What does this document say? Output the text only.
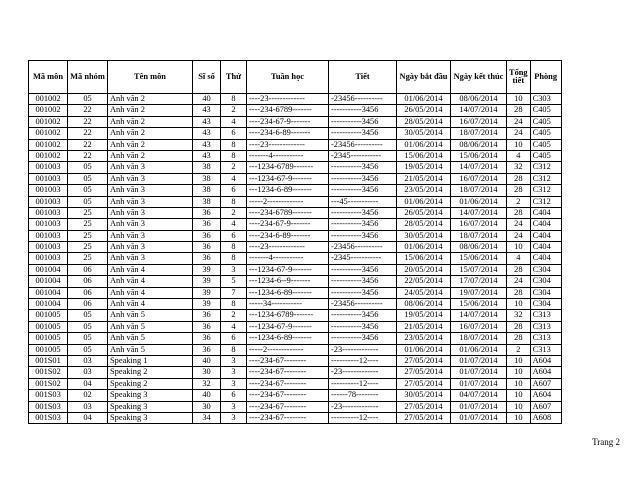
Mã môn	Mã nhóm	Tên môn	Sĩ số	Thứ	Tuần học	Tiết	Ngày bắt đầu	Ngày kết thúc	Tổng tiết	Phòng
001002	05	Anh văn 2	40	8	----23-------------	-23456----------	01/06/2014	08/06/2014	10	C303
001002	22	Anh văn 2	43	2	----234-6789-------	-----------3456	26/05/2014	14/07/2014	28	C405
001002	22	Anh văn 2	43	4	----234-67-9-------	-----------3456	28/05/2014	16/07/2014	24	C405
001002	22	Anh văn 2	43	6	----234-6-89-------	-----------3456	30/05/2014	18/07/2014	24	C405
001002	22	Anh văn 2	43	8	----23-------------	-23456----------	01/06/2014	08/06/2014	10	C405
001002	22	Anh văn 2	43	8	-------4-----------	-2345-----------	15/06/2014	15/06/2014	4	C405
001003	05	Anh văn 3	38	2	---1234-6789-------	-----------3456	19/05/2014	14/07/2014	32	C312
001003	05	Anh văn 3	38	4	---1234-67-9-------	-----------3456	21/05/2014	16/07/2014	28	C312
001003	05	Anh văn 3	38	6	---1234-6-89-------	-----------3456	23/05/2014	18/07/2014	28	C312
001003	05	Anh văn 3	38	8	-----2-------------	---45-----------	01/06/2014	01/06/2014	2	C312
001003	25	Anh văn 3	36	2	----234-6789-------	-----------3456	26/05/2014	14/07/2014	28	C404
001003	25	Anh văn 3	36	4	----234-67-9-------	-----------3456	28/05/2014	16/07/2014	24	C404
001003	25	Anh văn 3	36	6	----234-6-89-------	-----------3456	30/05/2014	18/07/2014	24	C404
001003	25	Anh văn 3	36	8	----23-------------	-23456----------	01/06/2014	08/06/2014	10	C404
001003	25	Anh văn 3	36	8	-------4-----------	-2345-----------	15/06/2014	15/06/2014	4	C404
001004	06	Anh văn 4	39	3	---1234-67-9-------	-----------3456	20/05/2014	15/07/2014	28	C304
001004	06	Anh văn 4	39	5	---1234-6--9-------	-----------3456	22/05/2014	17/07/2014	24	C304
001004	06	Anh văn 4	39	7	---1234-6-89-------	-----------3456	24/05/2014	19/07/2014	28	C304
001004	06	Anh văn 4	39	8	-----34-----------	-23456----------	08/06/2014	15/06/2014	10	C304
001005	05	Anh văn 5	36	2	---1234-6789-------	-----------3456	19/05/2014	14/07/2014	32	C313
001005	05	Anh văn 5	36	4	---1234-67-9-------	-----------3456	21/05/2014	16/07/2014	28	C313
001005	05	Anh văn 5	36	6	---1234-6-89-------	-----------3456	23/05/2014	18/07/2014	28	C313
001005	05	Anh văn 5	36	8	-----2-------------	-23-------------	01/06/2014	01/06/2014	2	C313
001S01	03	Speaking 1	40	3	----234-67--------	----------12----	27/05/2014	01/07/2014	10	A604
001S02	03	Speaking 2	30	3	----234-67--------	-23-------------	27/05/2014	01/07/2014	10	A604
001S02	04	Speaking 2	32	3	----234-67--------	----------12----	27/05/2014	01/07/2014	10	A607
001S03	02	Speaking 3	40	6	----234-67--------	------78--------	30/05/2014	04/07/2014	10	A604
001S03	03	Speaking 3	30	3	----234-67--------	-23-------------	27/05/2014	01/07/2014	10	A607
001S03	04	Speaking 3	34	3	----234-67--------	----------12----	27/05/2014	01/07/2014	10	A608
Trang 2
